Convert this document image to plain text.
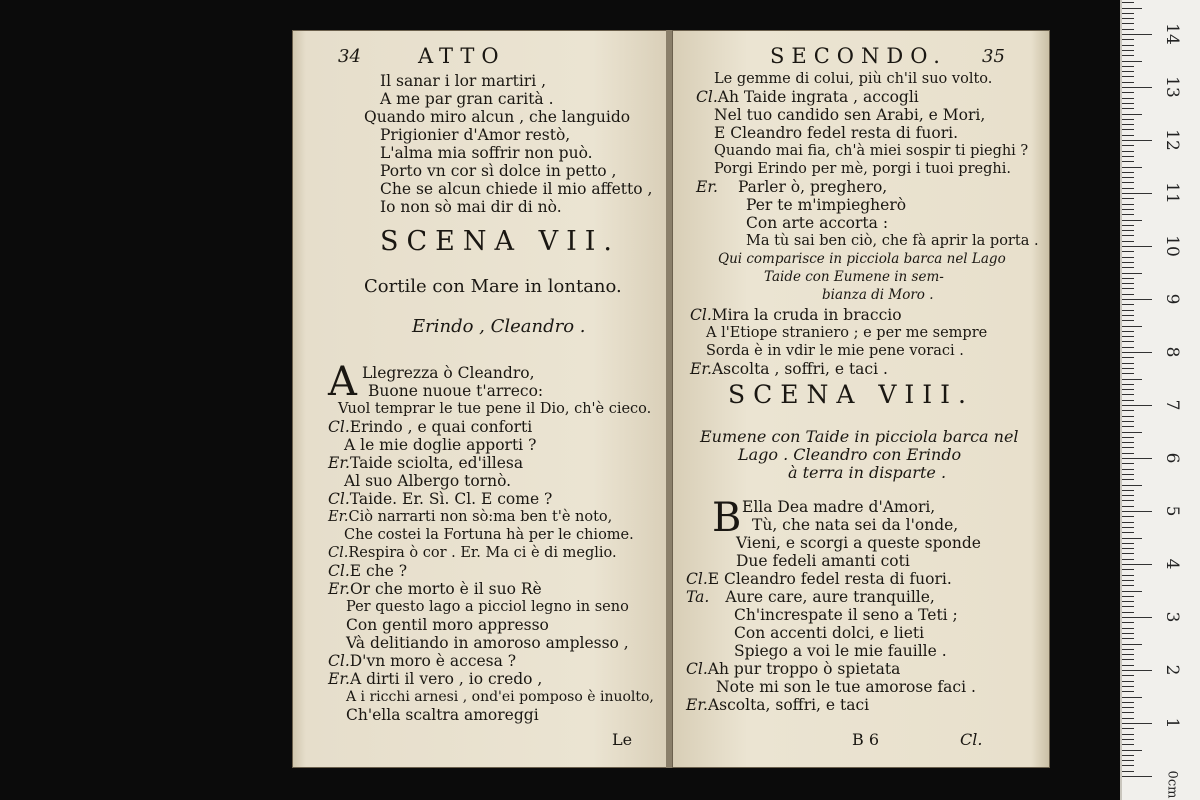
34	ATTO
Il sanar i lor martiri ,
A me par gran carità .
Quando miro alcun , che languido
Prigionier d'Amor restò,
L'alma mia soffrir non può.
Porto vn cor sì dolce in petto ,
Che se alcun chiede il mio affetto ,
Io non sò mai dir di nò.
SCENA VII.
Cortile con Mare in lontano.
Erindo , Cleandro .
A Llegrezza ò Cleandro,
Buone nuoue t'arreco:
Vuol temprar le tue pene il Dio, ch'è cieco.
Cl.Erindo , e quai conforti
A le mie doglie apporti ?
Er.Taide sciolta, ed'illesa
Al suo Albergo tornò.
Cl.Taide. Er. Sì. Cl. E come ?
Er.Ciò narrarti non sò:ma ben t'è noto,
Che costei la Fortuna hà per le chiome.
Cl.Respira ò cor . Er. Ma ci è di meglio.
Cl.E che ?
Er.Or che morto è il suo Rè
Per questo lago a picciol legno in seno
Con gentil moro appresso
Và delitiando in amoroso amplesso ,
Cl.D'vn moro è accesa ?
Er.A dirti il vero , io credo ,
A i ricchi arnesi , ond'ei pomposo è inuolto,
Ch'ella scaltra amoreggi
Le
SECONDO. 35
Le gemme di colui, più ch'il suo volto.
Cl.Ah Taide ingrata , accogli
Nel tuo candido sen Arabi, e Mori,
E Cleandro fedel resta di fuori.
Quando mai fia, ch'à miei sospir ti pieghi ?
Porgi Erindo per mè, porgi i tuoi preghi.
Er. Parler ò, preghero,
Per te m'impiegherò
Con arte accorta :
Ma tù sai ben ciò, che fà aprir la porta .
Qui comparisce in picciola barca nel Lago
Taide con Eumene in sem-
bianza di Moro .
Cl.Mira la cruda in braccio
A l'Etiope straniero ; e per me sempre
Sorda è in vdir le mie pene voraci .
Er.Ascolta , soffri, e taci .
SCENA VIII.
Eumene con Taide in picciola barca nel
Lago . Cleandro con Erindo
à terra in disparte .
B Ella Dea madre d'Amori,
Tù, che nata sei da l'onde,
Vieni, e scorgi a queste sponde
Due fedeli amanti coti
Cl.E Cleandro fedel resta di fuori.
Ta. Aure care, aure tranquille,
Ch'increspate il seno a Teti ;
Con accenti dolci, e lieti
Spiego a voi le mie fauille .
Cl.Ah pur troppo ò spietata
Note mi son le tue amorose faci .
Er.Ascolta, soffri, e taci
B 6	Cl.
1
2
3
4
5
6
7
8
9
10
11
12
13
14
0cm
